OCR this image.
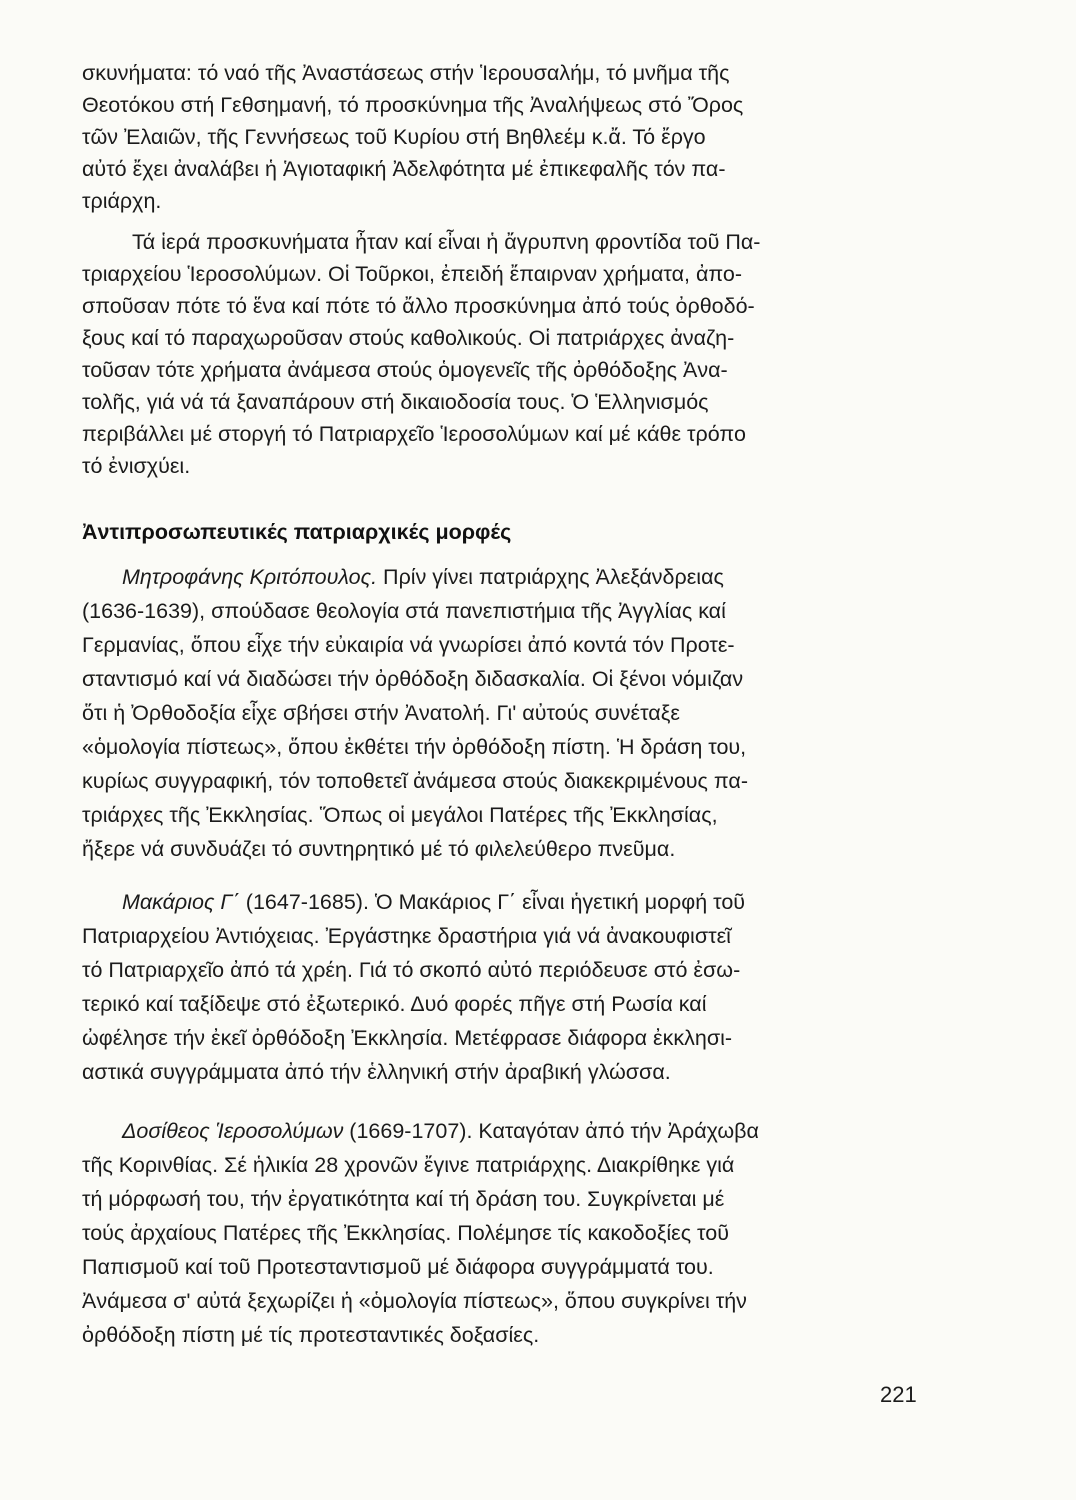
σκυνήματα: τό ναό τῆς Ἀναστάσεως στήν Ἱερουσαλήμ, τό μνῆμα τῆς
Θεοτόκου στή Γεθσημανή, τό προσκύνημα τῆς Ἀναλήψεως στό Ὄρος
τῶν Ἐλαιῶν, τῆς Γεννήσεως τοῦ Κυρίου στή Βηθλεέμ κ.ἄ. Τό ἔργο
αὐτό ἔχει ἀναλάβει ἡ Ἁγιοταφική Ἀδελφότητα μέ ἐπικεφαλῆς τόν πα-
τριάρχη.
Τά ἱερά προσκυνήματα ἦταν καί εἶναι ἡ ἄγρυπνη φροντίδα τοῦ Πα-
τριαρχείου Ἱεροσολύμων. Οἱ Τοῦρκοι, ἐπειδή ἔπαιρναν χρήματα, ἀπο-
σποῦσαν πότε τό ἕνα καί πότε τό ἄλλο προσκύνημα ἀπό τούς ὀρθοδό-
ξους καί τό παραχωροῦσαν στούς καθολικούς. Οἱ πατριάρχες ἀναζη-
τοῦσαν τότε χρήματα ἀνάμεσα στούς ὁμογενεῖς τῆς ὀρθόδοξης Ἀνα-
τολῆς, γιά νά τά ξαναπάρουν στή δικαιοδοσία τους. Ὁ Ἑλληνισμός
περιβάλλει μέ στοργή τό Πατριαρχεῖο Ἱεροσολύμων καί μέ κάθε τρόπο
τό ἐνισχύει.
Ἀντιπροσωπευτικές πατριαρχικές μορφές
Μητροφάνης Κριτόπουλος. Πρίν γίνει πατριάρχης Ἀλεξάνδρειας
(1636-1639), σπούδασε θεολογία στά πανεπιστήμια τῆς Ἀγγλίας καί
Γερμανίας, ὅπου εἶχε τήν εὐκαιρία νά γνωρίσει ἀπό κοντά τόν Προτε-
σταντισμό καί νά διαδώσει τήν ὀρθόδοξη διδασκαλία. Οἱ ξένοι νόμιζαν
ὅτι ἡ Ὀρθοδοξία εἶχε σβήσει στήν Ἀνατολή. Γι' αὐτούς συνέταξε
«ὁμολογία πίστεως», ὅπου ἐκθέτει τήν ὀρθόδοξη πίστη. Ἡ δράση του,
κυρίως συγγραφική, τόν τοποθετεῖ ἀνάμεσα στούς διακεκριμένους πα-
τριάρχες τῆς Ἐκκλησίας. Ὅπως οἱ μεγάλοι Πατέρες τῆς Ἐκκλησίας,
ἤξερε νά συνδυάζει τό συντηρητικό μέ τό φιλελεύθερο πνεῦμα.
Μακάριος Γ΄ (1647-1685). Ὁ Μακάριος Γ΄ εἶναι ἡγετική μορφή τοῦ
Πατριαρχείου Ἀντιόχειας. Ἐργάστηκε δραστήρια γιά νά ἀνακουφιστεῖ
τό Πατριαρχεῖο ἀπό τά χρέη. Γιά τό σκοπό αὐτό περιόδευσε στό ἐσω-
τερικό καί ταξίδεψε στό ἐξωτερικό. Δυό φορές πῆγε στή Ρωσία καί
ὠφέλησε τήν ἐκεῖ ὀρθόδοξη Ἐκκλησία. Μετέφρασε διάφορα ἐκκλησι-
αστικά συγγράμματα ἀπό τήν ἑλληνική στήν ἀραβική γλώσσα.
Δοσίθεος Ἱεροσολύμων (1669-1707). Καταγόταν ἀπό τήν Ἀράχωβα
τῆς Κορινθίας. Σέ ἡλικία 28 χρονῶν ἔγινε πατριάρχης. Διακρίθηκε γιά
τή μόρφωσή του, τήν ἐργατικότητα καί τή δράση του. Συγκρίνεται μέ
τούς ἀρχαίους Πατέρες τῆς Ἐκκλησίας. Πολέμησε τίς κακοδοξίες τοῦ
Παπισμοῦ καί τοῦ Προτεσταντισμοῦ μέ διάφορα συγγράμματά του.
Ἀνάμεσα σ' αὐτά ξεχωρίζει ἡ «ὁμολογία πίστεως», ὅπου συγκρίνει τήν
ὀρθόδοξη πίστη μέ τίς προτεσταντικές δοξασίες.
221
